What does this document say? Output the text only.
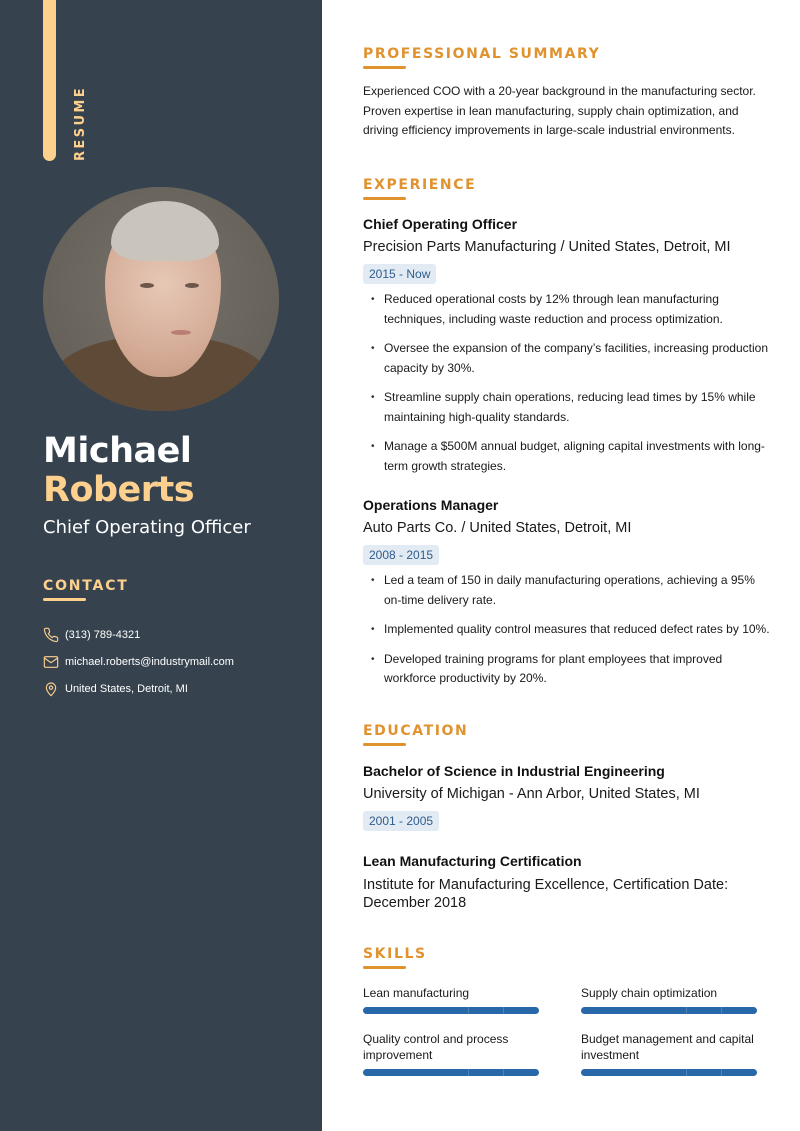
RESUME
Michael
Roberts
Chief Operating Officer
CONTACT
(313) 789-4321
michael.roberts@industrymail.com
United States, Detroit, MI
PROFESSIONAL SUMMARY

Experienced COO with a 20-year background in the manufacturing sector. Proven expertise in lean manufacturing, supply chain optimization, and driving efficiency improvements in large-scale industrial environments.

EXPERIENCE
Chief Operating Officer
Precision Parts Manufacturing / United States, Detroit, MI
2015 - Now
• Reduced operational costs by 12% through lean manufacturing techniques, including waste reduction and process optimization.
• Oversee the expansion of the company’s facilities, increasing production capacity by 30%.
• Streamline supply chain operations, reducing lead times by 15% while maintaining high-quality standards.
• Manage a $500M annual budget, aligning capital investments with long-term growth strategies.
Operations Manager
Auto Parts Co. / United States, Detroit, MI
2008 - 2015
• Led a team of 150 in daily manufacturing operations, achieving a 95% on-time delivery rate.
• Implemented quality control measures that reduced defect rates by 10%.
• Developed training programs for plant employees that improved workforce productivity by 20%.
EDUCATION
Bachelor of Science in Industrial Engineering
University of Michigan - Ann Arbor, United States, MI
2001 - 2005
Lean Manufacturing Certification
Institute for Manufacturing Excellence, Certification Date: December 2018
SKILLS
Lean manufacturing	Supply chain optimization
Quality control and process improvement
Budget management and capital investment
